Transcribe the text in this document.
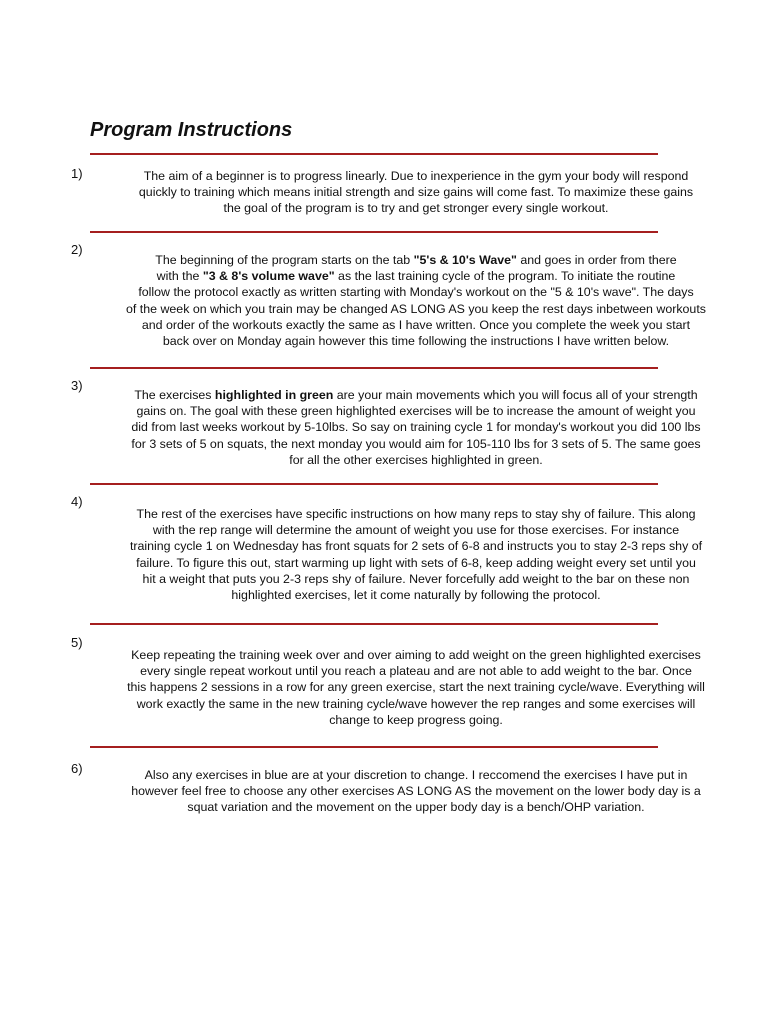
Program Instructions
1)	The aim of a beginner is to progress linearly. Due to inexperience in the gym your body will respond
quickly to training which means initial strength and size gains will come fast. To maximize these gains
the goal of the program is to try and get stronger every single workout.
2)
The beginning of the program starts on the tab "5's & 10's Wave" and goes in order from there
with the "3 & 8's volume wave" as the last training cycle of the program. To initiate the routine
follow the protocol exactly as written starting with Monday's workout on the "5 & 10's wave". The days
of the week on which you train may be changed AS LONG AS you keep the rest days inbetween workouts
and order of the workouts exactly the same as I have written. Once you complete the week you start
back over on Monday again however this time following the instructions I have written below.
3)
The exercises highlighted in green are your main movements which you will focus all of your strength
gains on. The goal with these green highlighted exercises will be to increase the amount of weight you
did from last weeks workout by 5-10lbs. So say on training cycle 1 for monday's workout you did 100 lbs
for 3 sets of 5 on squats, the next monday you would aim for 105-110 lbs for 3 sets of 5. The same goes
for all the other exercises highlighted in green.
4)
The rest of the exercises have specific instructions on how many reps to stay shy of failure. This along
with the rep range will determine the amount of weight you use for those exercises. For instance
training cycle 1 on Wednesday has front squats for 2 sets of 6-8 and instructs you to stay 2-3 reps shy of
failure. To figure this out, start warming up light with sets of 6-8, keep adding weight every set until you
hit a weight that puts you 2-3 reps shy of failure. Never forcefully add weight to the bar on these non
highlighted exercises, let it come naturally by following the protocol.
5)
Keep repeating the training week over and over aiming to add weight on the green highlighted exercises
every single repeat workout until you reach a plateau and are not able to add weight to the bar. Once
this happens 2 sessions in a row for any green exercise, start the next training cycle/wave. Everything will
work exactly the same in the new training cycle/wave however the rep ranges and some exercises will
change to keep progress going.
6)	Also any exercises in blue are at your discretion to change. I reccomend the exercises I have put in
however feel free to choose any other exercises AS LONG AS the movement on the lower body day is a
squat variation and the movement on the upper body day is a bench/OHP variation.
